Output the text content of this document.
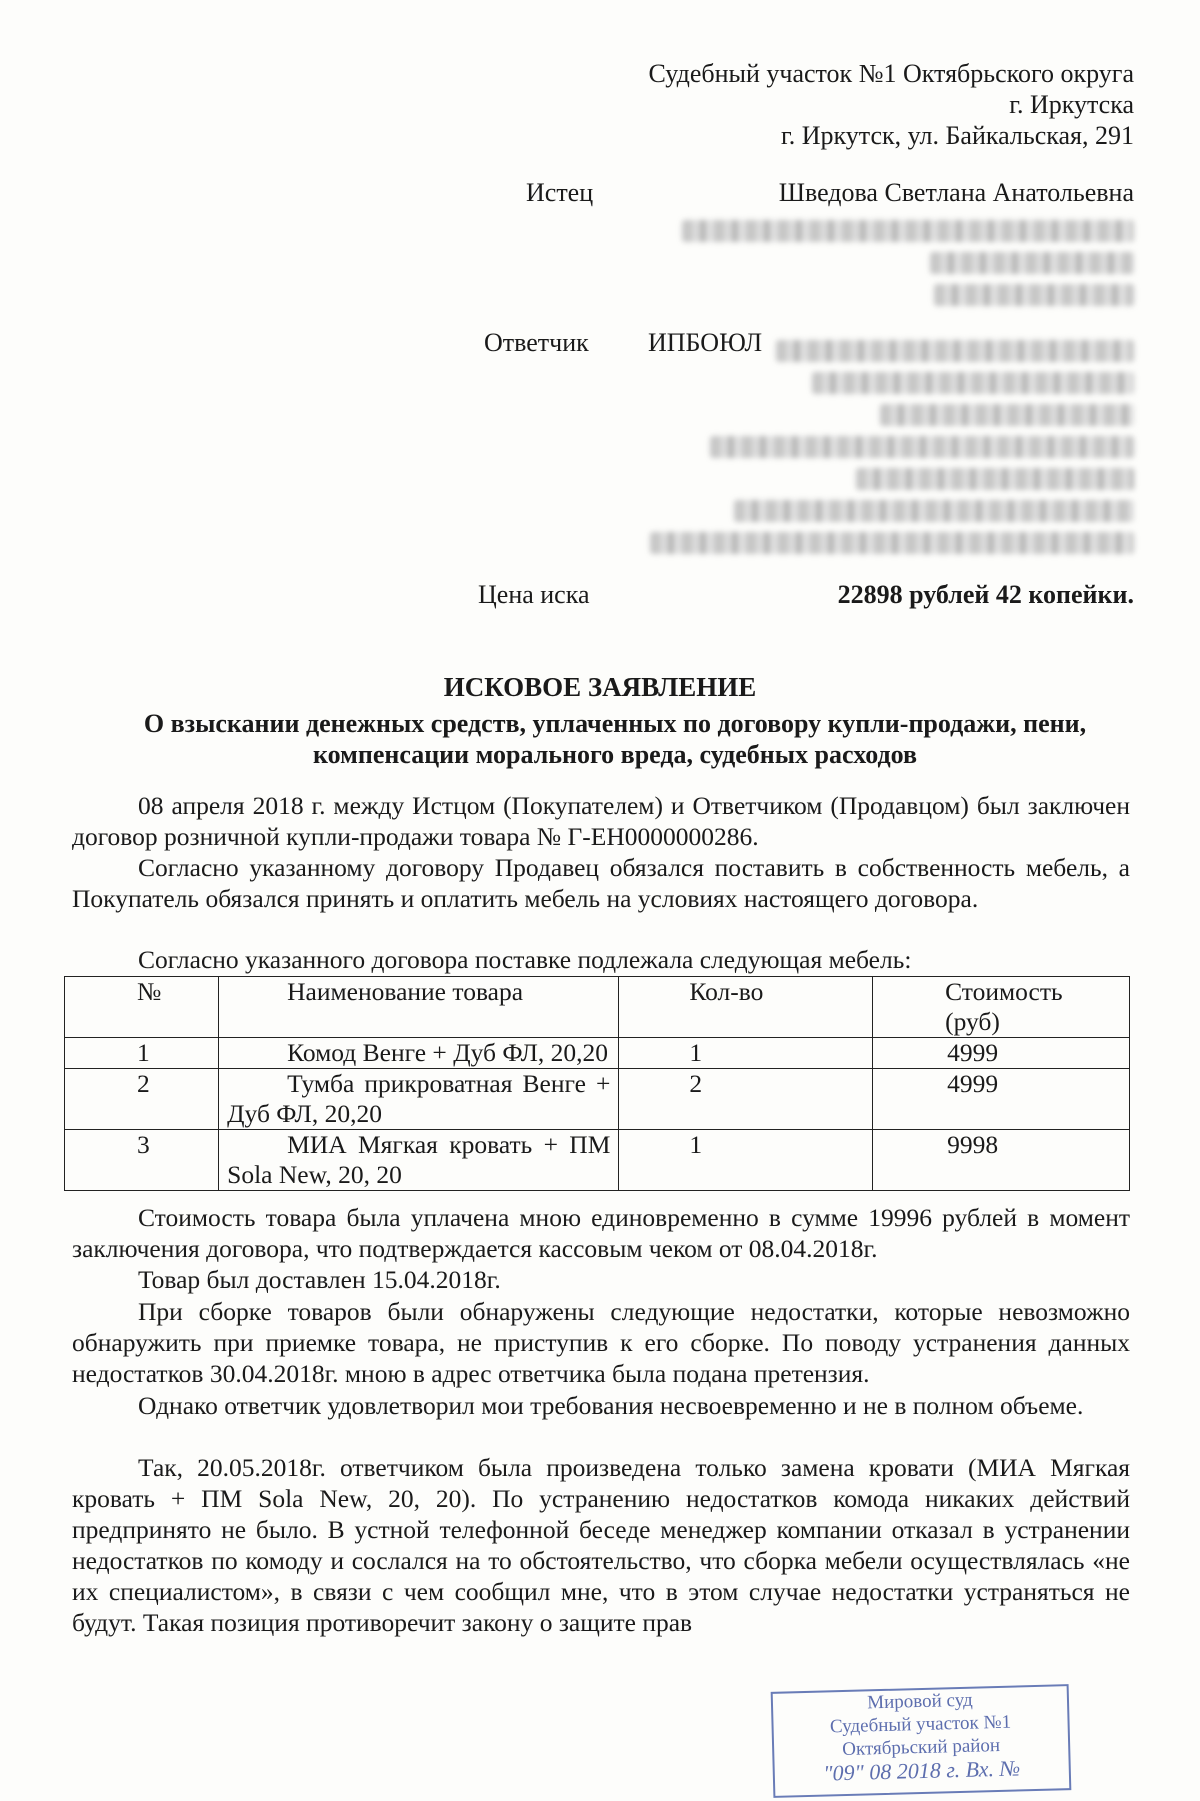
Судебный участок №1 Октябрьского округа
г. Иркутска
г. Иркутск, ул. Байкальская, 291
Истец	Шведова Светлана Анатольевна
Ответчик ИПБОЮЛ
Цена иска	22898 рублей 42 копейки.
ИСКОВОЕ ЗАЯВЛЕНИЕ
О взыскании денежных средств, уплаченных по договору купли-продажи, пени, компенсации морального вреда, судебных расходов

08 апреля 2018 г. между Истцом (Покупателем) и Ответчиком (Продавцом) был заключен договор розничной купли-продажи товара № Г-ЕН0000000286.

Согласно указанному договору Продавец обязался поставить в собственность мебель, а Покупатель обязался принять и оплатить мебель на условиях настоящего договора.

Согласно указанного договора поставке подлежала следующая мебель:

№	Наименование товара	Кол-во	Стоимость (руб)
1	Комод Венге + Дуб ФЛ, 20,20	1	4999
2	Тумба прикроватная Венге + Дуб ФЛ, 20,20	2	4999
3	МИА Мягкая кровать + ПМ Sola New, 20, 20	1	9998

Стоимость товара была уплачена мною единовременно в сумме 19996 рублей в момент заключения договора, что подтверждается кассовым чеком от 08.04.2018г.

Товар был доставлен 15.04.2018г.

При сборке товаров были обнаружены следующие недостатки, которые невозможно обнаружить при приемке товара, не приступив к его сборке. По поводу устранения данных недостатков 30.04.2018г. мною в адрес ответчика была подана претензия.

Однако ответчик удовлетворил мои требования несвоевременно и не в полном объеме.

Так, 20.05.2018г. ответчиком была произведена только замена кровати (МИА Мягкая кровать + ПМ Sola New, 20, 20). По устранению недостатков комода никаких действий предпринято не было. В устной телефонной беседе менеджер компании отказал в устранении недостатков по комоду и сослался на то обстоятельство, что сборка мебели осуществлялась «не их специалистом», в связи с чем сообщил мне, что в этом случае недостатки устраняться не будут. Такая позиция противоречит закону о защите прав

Мировой суд
Судебный участок №1
Октябрьский район
"09" 08 2018 г. Вх. №
